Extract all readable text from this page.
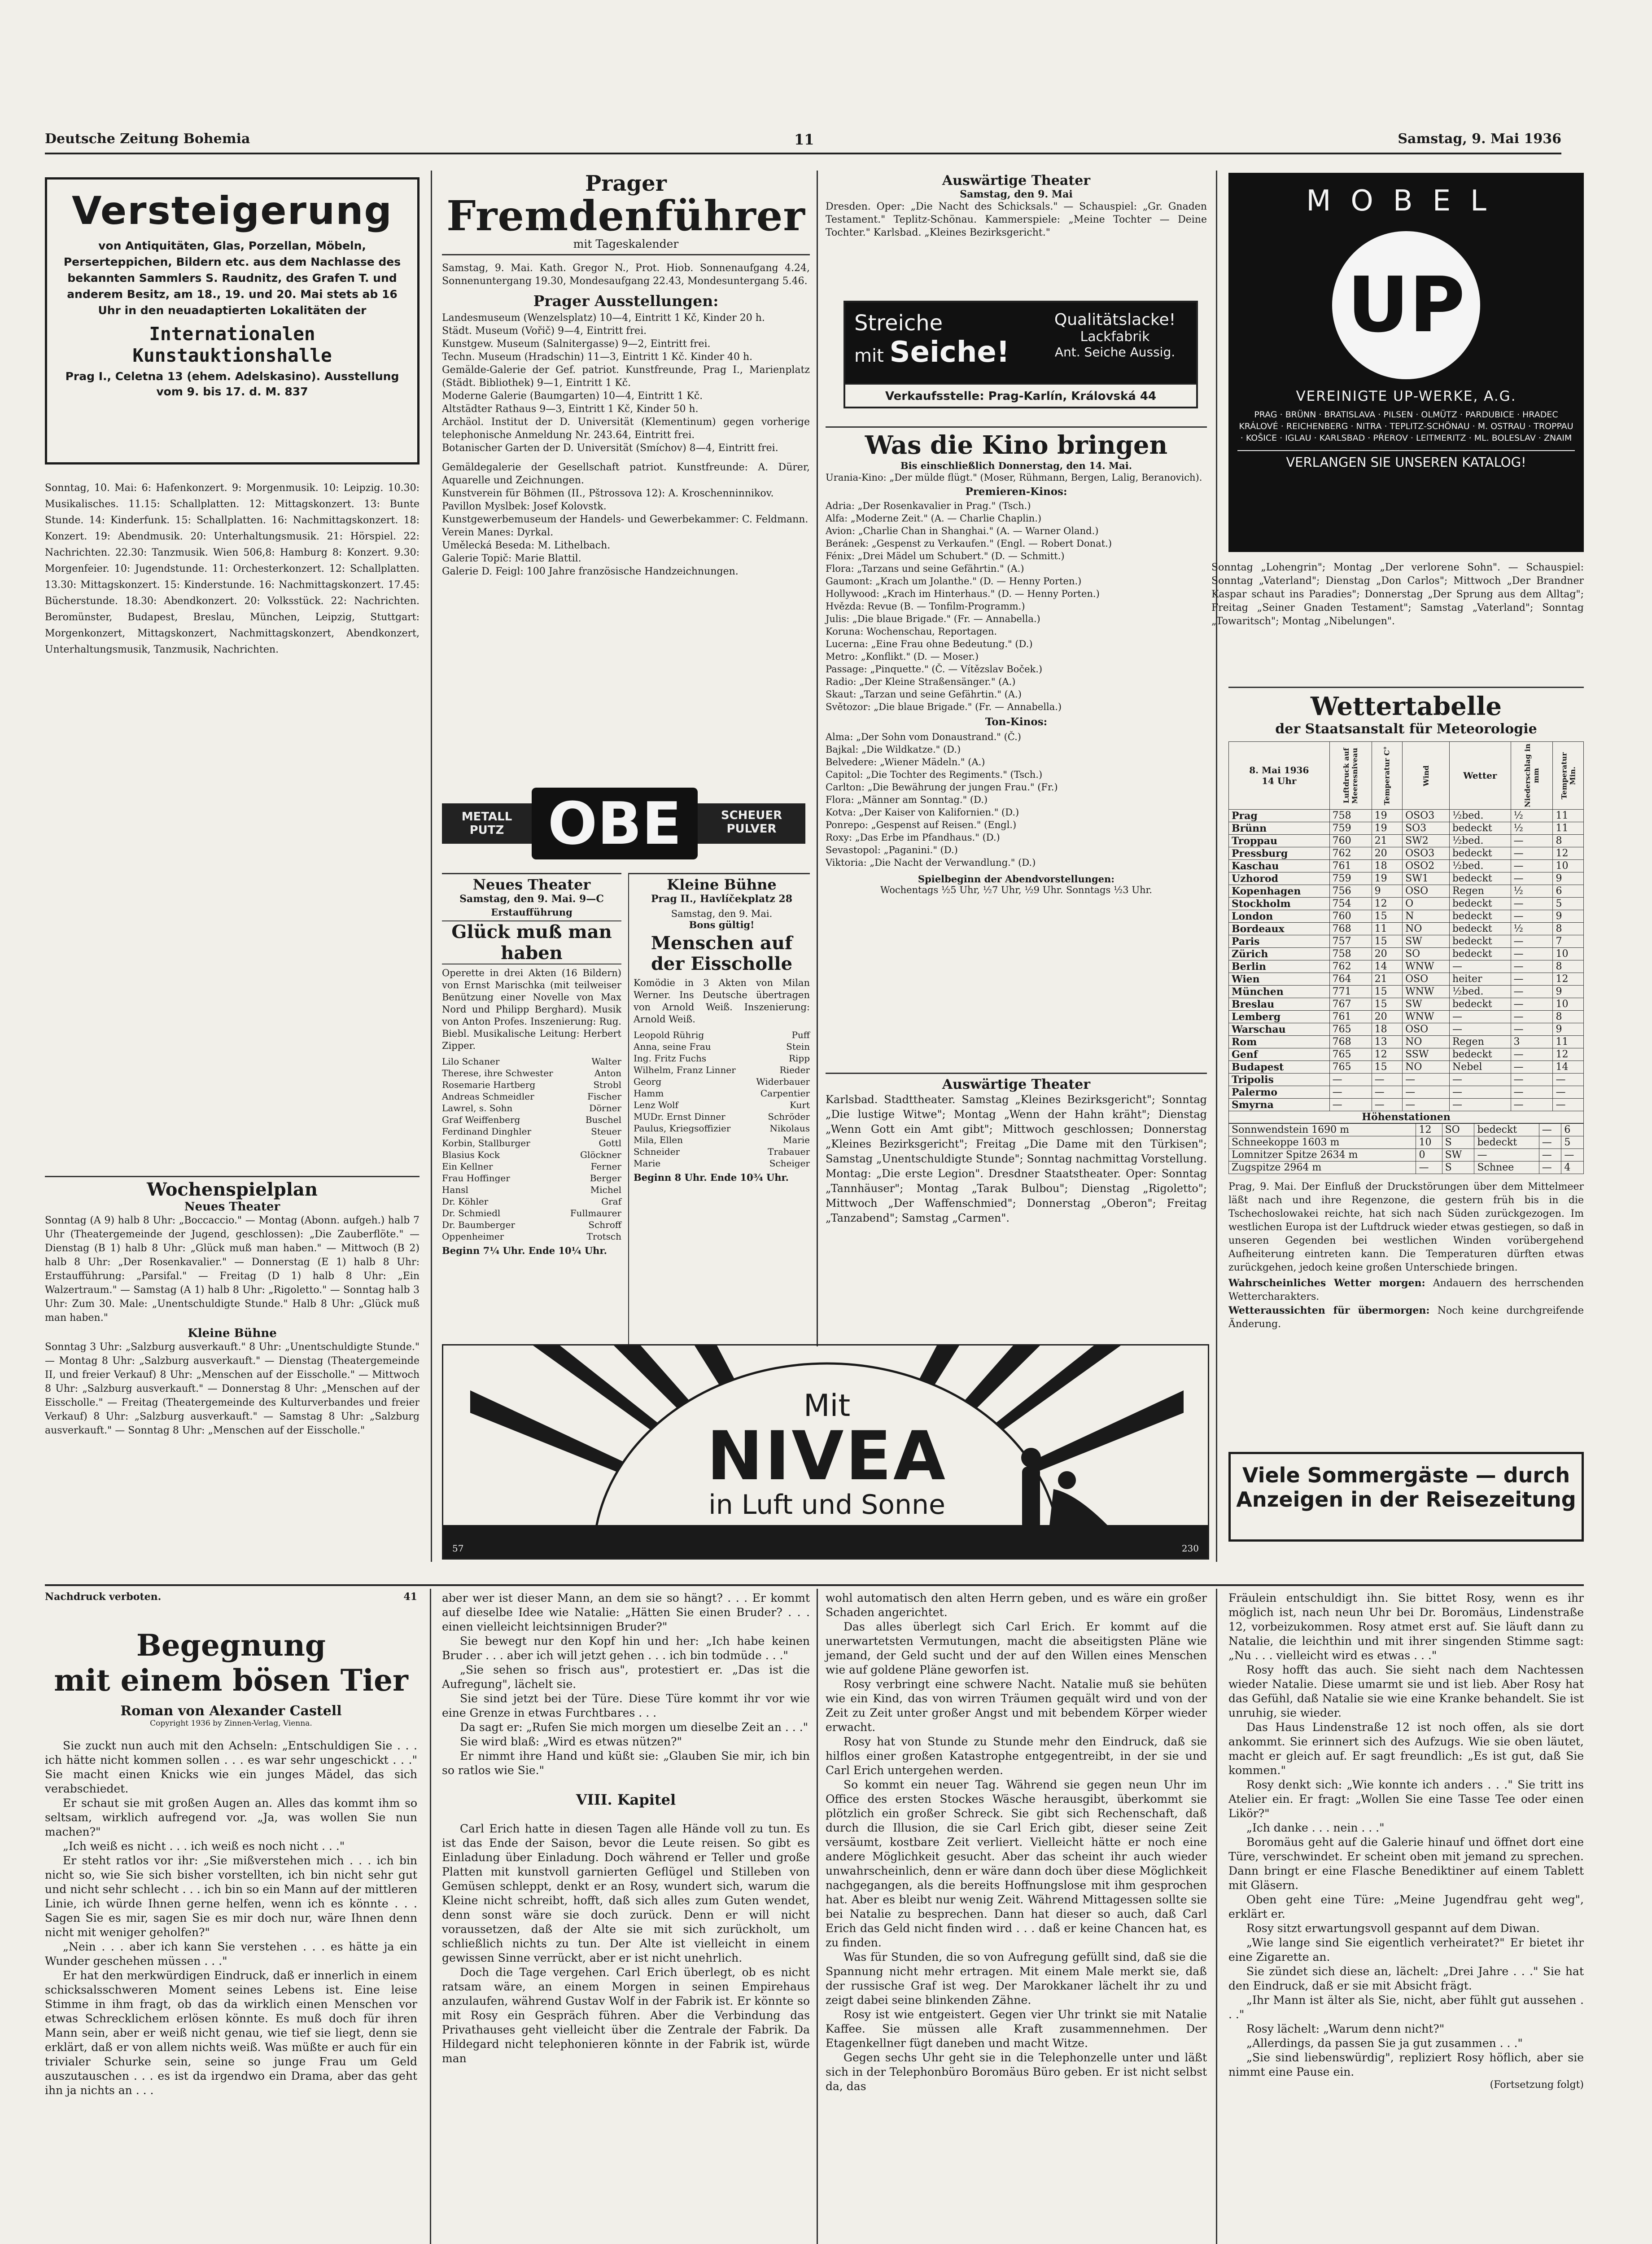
Deutsche Zeitung Bohemia	11	Samstag, 9. Mai 1936
Versteigerung
von Antiquitäten, Glas, Porzellan, Möbeln, Perserteppichen, Bildern etc. aus dem Nachlasse des bekannten Sammlers S. Raudnitz, des Grafen T. und anderem Besitz, am 18., 19. und 20. Mai stets ab 16 Uhr in den neuadaptierten Lokalitäten der
Internationalen Kunstauktionshalle
Prag I., Celetna 13 (ehem. Adelskasino). Ausstellung vom 9. bis 17. d. M. 837
Sonntag, 10. Mai: 6: Hafenkonzert. 9: Morgenmusik. 10: Leipzig. 10.30: Musikalisches. 11.15: Schallplatten. 12: Mittagskonzert. 13: Bunte Stunde. 14: Kinderfunk. 15: Schallplatten. 16: Nachmittagskonzert. 18: Konzert. 19: Abendmusik. 20: Unterhaltungsmusik. 21: Hörspiel. 22: Nachrichten. 22.30: Tanzmusik. Wien 506,8: Hamburg 8: Konzert. 9.30: Morgenfeier. 10: Jugendstunde. 11: Orchesterkonzert. 12: Schallplatten. 13.30: Mittagskonzert. 15: Kinderstunde. 16: Nachmittagskonzert. 17.45: Bücherstunde. 18.30: Abendkonzert. 20: Volksstück. 22: Nachrichten. Beromünster, Budapest, Breslau, München, Leipzig, Stuttgart: Morgenkonzert, Mittagskonzert, Nachmittagskonzert, Abendkonzert, Unterhaltungsmusik, Tanzmusik, Nachrichten.
Wochenspielplan
Neues Theater
Sonntag (A 9) halb 8 Uhr: „Boccaccio." — Montag (Abonn. aufgeh.) halb 7 Uhr (Theatergemeinde der Jugend, geschlossen): „Die Zauberflöte." — Dienstag (B 1) halb 8 Uhr: „Glück muß man haben." — Mittwoch (B 2) halb 8 Uhr: „Der Rosenkavalier." — Donnerstag (E 1) halb 8 Uhr: Erstaufführung: „Parsifal." — Freitag (D 1) halb 8 Uhr: „Ein Walzertraum." — Samstag (A 1) halb 8 Uhr: „Rigoletto." — Sonntag halb 3 Uhr: Zum 30. Male: „Unentschuldigte Stunde." Halb 8 Uhr: „Glück muß man haben."
Kleine Bühne
Sonntag 3 Uhr: „Salzburg ausverkauft." 8 Uhr: „Unentschuldigte Stunde." — Montag 8 Uhr: „Salzburg ausverkauft." — Dienstag (Theatergemeinde II, und freier Verkauf) 8 Uhr: „Menschen auf der Eisscholle." — Mittwoch 8 Uhr: „Salzburg ausverkauft." — Donnerstag 8 Uhr: „Menschen auf der Eisscholle." — Freitag (Theatergemeinde des Kulturverbandes und freier Verkauf) 8 Uhr: „Salzburg ausverkauft." — Samstag 8 Uhr: „Salzburg ausverkauft." — Sonntag 8 Uhr: „Menschen auf der Eisscholle."
Prager
Fremdenführer
mit Tageskalender
Samstag, 9. Mai. Kath. Gregor N., Prot. Hiob. Sonnenaufgang 4.24, Sonnenuntergang 19.30, Mondesaufgang 22.43, Mondesuntergang 5.46.
Prager Ausstellungen:
Landesmuseum (Wenzelsplatz) 10—4, Eintritt 1 Kč, Kinder 20 h.
Städt. Museum (Vořič) 9—4, Eintritt frei.
Kunstgew. Museum (Salnitergasse) 9—2, Eintritt frei.
Techn. Museum (Hradschin) 11—3, Eintritt 1 Kč. Kinder 40 h.
Gemälde-Galerie der Gef. patriot. Kunstfreunde, Prag I., Marienplatz (Städt. Bibliothek) 9—1, Eintritt 1 Kč.
Moderne Galerie (Baumgarten) 10—4, Eintritt 1 Kč.
Altstädter Rathaus 9—3, Eintritt 1 Kč, Kinder 50 h.
Archäol. Institut der D. Universität (Klementinum) gegen vorherige telephonische Anmeldung Nr. 243.64, Eintritt frei.
Botanischer Garten der D. Universität (Smíchov) 8—4, Eintritt frei.
Gemäldegalerie der Gesellschaft patriot. Kunstfreunde: A. Dürer, Aquarelle und Zeichnungen.
Kunstverein für Böhmen (II., Pštrossova 12): A. Kroschenninnikov.
Pavillon Myslbek: Josef Kolovstk.
Kunstgewerbemuseum der Handels- und Gewerbekammer: C. Feldmann.
Verein Manes: Dyrkal.
Umělecká Beseda: M. Lithelbach.
Galerie Topič: Marie Blattil.
Galerie D. Feigl: 100 Jahre französische Handzeichnungen.
METALL PUTZ OBE	SCHEUER PULVER
Neues Theater
Samstag, den 9. Mai. 9—C
Erstaufführung
Glück muß man haben
Operette in drei Akten (16 Bildern) von Ernst Marischka (mit teilweiser Benützung einer Novelle von Max Nord und Philipp Berghard). Musik von Anton Profes. Inszenierung: Rug. Biebl. Musikalische Leitung: Herbert Zipper.
Lilo Schaner	Walter
Therese, ihre Schwester	Anton
Rosemarie Hartberg	Strobl
Andreas Schmeidler	Fischer
Lawrel, s. Sohn	Dörner
Graf Weiffenberg	Buschel
Ferdinand Dinghler	Steuer
Korbin, Stallburger	Gottl
Blasius Kock	Glöckner
Ein Kellner	Ferner
Frau Hoffinger	Berger
Hansl	Michel
Dr. Köhler	Graf
Dr. Schmiedl	Fullmaurer
Dr. Baumberger	Schroff
Oppenheimer	Trotsch
Beginn 7¼ Uhr. Ende 10¼ Uhr.
Kleine Bühne
Prag II., Havlíčekplatz 28
Samstag, den 9. Mai.
Bons gültig!
Menschen auf der Eisscholle
Komödie in 3 Akten von Milan Werner. Ins Deutsche übertragen von Arnold Weiß. Inszenierung: Arnold Weiß.
Leopold Rührig	Puff
Anna, seine Frau	Stein
Ing. Fritz Fuchs	Ripp
Wilhelm, Franz Linner	Rieder
Georg	Widerbauer
Hamm	Carpentier
Lenz Wolf	Kurt
MUDr. Ernst Dinner	Schröder
Paulus, Kriegsoffizier	Nikolaus
Mila, Ellen	Marie
Schneider	Trabauer
Marie	Scheiger
Beginn 8 Uhr. Ende 10¾ Uhr.
Auswärtige Theater
Samstag, den 9. Mai
Dresden. Oper: „Die Nacht des Schicksals." — Schauspiel: „Gr. Gnaden Testament." Teplitz-Schönau. Kammerspiele: „Meine Tochter — Deine Tochter." Karlsbad. „Kleines Bezirksgericht."
Streiche
mit Seiche!
Qualitätslacke!
Lackfabrik
Ant. Seiche Aussig.
Verkaufsstelle: Prag-Karlín, Královská 44
Was die Kino bringen
Bis einschließlich Donnerstag, den 14. Mai.
Urania-Kino: „Der mülde flügt." (Moser, Rühmann, Bergen, Lalig, Beranovich).
Premieren-Kinos:
Adria: „Der Rosenkavalier in Prag." (Tsch.)
Alfa: „Moderne Zeit." (A. — Charlie Chaplin.)
Avion: „Charlie Chan in Shanghai." (A. — Warner Oland.)
Beránek: „Gespenst zu Verkaufen." (Engl. — Robert Donat.)
Fénix: „Drei Mädel um Schubert." (D. — Schmitt.)
Flora: „Tarzans und seine Gefährtin." (A.)
Gaumont: „Krach um Jolanthe." (D. — Henny Porten.)
Hollywood: „Krach im Hinterhaus." (D. — Henny Porten.)
Hvězda: Revue (B. — Tonfilm-Programm.)
Julis: „Die blaue Brigade." (Fr. — Annabella.)
Koruna: Wochenschau, Reportagen.
Lucerna: „Eine Frau ohne Bedeutung." (D.)
Metro: „Konflikt." (D. — Moser.)
Passage: „Pinquette." (Č. — Vítězslav Boček.)
Radio: „Der Kleine Straßensänger." (A.)
Skaut: „Tarzan und seine Gefährtin." (A.)
Světozor: „Die blaue Brigade." (Fr. — Annabella.)
Ton-Kinos:
Alma: „Der Sohn vom Donaustrand." (Č.)
Bajkal: „Die Wildkatze." (D.)
Belvedere: „Wiener Mädeln." (A.)
Capitol: „Die Tochter des Regiments." (Tsch.)
Carlton: „Die Bewährung der jungen Frau." (Fr.)
Flora: „Männer am Sonntag." (D.)
Kotva: „Der Kaiser von Kalifornien." (D.)
Ponrepo: „Gespenst auf Reisen." (Engl.)
Roxy: „Das Erbe im Pfandhaus." (D.)
Sevastopol: „Paganini." (D.)
Viktoria: „Die Nacht der Verwandlung." (D.)
Spielbeginn der Abendvorstellungen:
Wochentags ½5 Uhr, ½7 Uhr, ½9 Uhr. Sonntags ½3 Uhr.
Auswärtige Theater
Karlsbad. Stadttheater. Samstag „Kleines Bezirksgericht"; Sonntag „Die lustige Witwe"; Montag „Wenn der Hahn kräht"; Dienstag „Wenn Gott ein Amt gibt"; Mittwoch geschlossen; Donnerstag „Kleines Bezirksgericht"; Freitag „Die Dame mit den Türkisen"; Samstag „Unentschuldigte Stunde"; Sonntag nachmittag Vorstellung. Montag: „Die erste Legion". Dresdner Staatstheater. Oper: Sonntag „Tannhäuser"; Montag „Tarak Bulbou"; Dienstag „Rigoletto"; Mittwoch „Der Waffenschmied"; Donnerstag „Oberon"; Freitag „Tanzabend"; Samstag „Carmen".
MOBEL
UP
VEREINIGTE UP-WERKE, A.G.
PRAG · BRÜNN · BRATISLAVA · PILSEN · OLMÜTZ · PARDUBICE · HRADEC KRÁLOVÉ · REICHENBERG · NITRA · TEPLITZ-SCHÖNAU · M. OSTRAU · TROPPAU · KOŠICE · IGLAU · KARLSBAD · PŘEROV · LEITMERITZ · ML. BOLESLAV · ZNAIM
VERLANGEN SIE UNSEREN KATALOG!
Sonntag „Lohengrin"; Montag „Der verlorene Sohn". — Schauspiel: Sonntag „Vaterland"; Dienstag „Don Carlos"; Mittwoch „Der Brandner Kaspar schaut ins Paradies"; Donnerstag „Der Sprung aus dem Alltag"; Freitag „Seiner Gnaden Testament"; Samstag „Vaterland"; Sonntag „Towaritsch"; Montag „Nibelungen".
Wettertabelle
der Staatsanstalt für Meteorologie
8. Mai 1936
14 Uhr	Luftdruck auf Meeresniveau	Temperatur C°	Wind	Wetter	Niederschlag in mm	Temperatur Min.
Prag	758	19	OSO3	½bed.	½	11
Brünn	759	19	SO3	bedeckt	½	11
Troppau	760	21	SW2	½bed.	—	8
Pressburg	762	20	OSO3	bedeckt	—	12
Kaschau	761	18	OSO2	½bed.	—	10
Uzhorod	759	19	SW1	bedeckt	—	9
Kopenhagen	756	9	OSO	Regen	½	6
Stockholm	754	12	O	bedeckt	—	5
London	760	15	N	bedeckt	—	9
Bordeaux	768	11	NO	bedeckt	½	8
Paris	757	15	SW	bedeckt	—	7
Zürich	758	20	SO	bedeckt	—	10
Berlin	762	14	WNW	—	—	8
Wien	764	21	OSO	heiter	—	12
München	771	15	WNW	½bed.	—	9
Breslau	767	15	SW	bedeckt	—	10
Lemberg	761	20	WNW	—	—	8
Warschau	765	18	OSO	—	—	9
Rom	768	13	NO	Regen	3	11
Genf	765	12	SSW	bedeckt	—	12
Budapest	765	15	NO	Nebel	—	14
Tripolis	—	—	—	—	—	—
Palermo	—	—	—	—	—	—
Smyrna	—	—	—	—	—	—
Höhenstationen
Sonnwendstein 1690 m	12	SO	bedeckt	—	6
Schneekoppe 1603 m	10	S	bedeckt	—	5
Lomnitzer Spitze 2634 m	0	SW	—	—	—
Zugspitze 2964 m	—	S	Schnee	—	4
Prag, 9. Mai. Der Einfluß der Druckstörungen über dem Mittelmeer läßt nach und ihre Regenzone, die gestern früh bis in die Tschechoslowakei reichte, hat sich nach Süden zurückgezogen. Im westlichen Europa ist der Luftdruck wieder etwas gestiegen, so daß in unseren Gegenden bei westlichen Winden vorübergehend Aufheiterung eintreten kann. Die Temperaturen dürften etwas zurückgehen, jedoch keine großen Unterschiede bringen.
Wahrscheinliches Wetter morgen: Andauern des herrschenden Wettercharakters.
Wetteraussichten für übermorgen: Noch keine durchgreifende Änderung.
Viele Sommergäste — durch
Anzeigen in der Reisezeitung
Mit
NIVEA
in Luft und Sonne
57	230
Nachdruck verboten.	41
Begegnung
mit einem bösen Tier
Roman von Alexander Castell
Copyright 1936 by Zinnen-Verlag, Vienna.

Sie zuckt nun auch mit den Achseln: „Entschuldigen Sie . . . ich hätte nicht kommen sollen . . . es war sehr ungeschickt . . ." Sie macht einen Knicks wie ein junges Mädel, das sich verabschiedet.

Er schaut sie mit großen Augen an. Alles das kommt ihm so seltsam, wirklich aufregend vor. „Ja, was wollen Sie nun machen?"

„Ich weiß es nicht . . . ich weiß es noch nicht . . ."

Er steht ratlos vor ihr: „Sie mißverstehen mich . . . ich bin nicht so, wie Sie sich bisher vorstellten, ich bin nicht sehr gut und nicht sehr schlecht . . . ich bin so ein Mann auf der mittleren Linie, ich würde Ihnen gerne helfen, wenn ich es könnte . . . Sagen Sie es mir, sagen Sie es mir doch nur, wäre Ihnen denn nicht mit weniger geholfen?"

„Nein . . . aber ich kann Sie verstehen . . . es hätte ja ein Wunder geschehen müssen . . ."

Er hat den merkwürdigen Eindruck, daß er innerlich in einem schicksalsschweren Moment seines Lebens ist. Eine leise Stimme in ihm fragt, ob das da wirklich einen Menschen vor etwas Schrecklichem erlösen könnte. Es muß doch für ihren Mann sein, aber er weiß nicht genau, wie tief sie liegt, denn sie erklärt, daß er von allem nichts weiß. Was müßte er auch für ein trivialer Schurke sein, seine so junge Frau um Geld auszutauschen . . . es ist da irgendwo ein Drama, aber das geht ihn ja nichts an . . .

aber wer ist dieser Mann, an dem sie so hängt? . . . Er kommt auf dieselbe Idee wie Natalie: „Hätten Sie einen Bruder? . . . einen vielleicht leichtsinnigen Bruder?"

Sie bewegt nur den Kopf hin und her: „Ich habe keinen Bruder . . . aber ich will jetzt gehen . . . ich bin todmüde . . ."

„Sie sehen so frisch aus", protestiert er. „Das ist die Aufregung", lächelt sie.

Sie sind jetzt bei der Türe. Diese Türe kommt ihr vor wie eine Grenze in etwas Furchtbares . . .

Da sagt er: „Rufen Sie mich morgen um dieselbe Zeit an . . ."

Sie wird blaß: „Wird es etwas nützen?"

Er nimmt ihre Hand und küßt sie: „Glauben Sie mir, ich bin so ratlos wie Sie."

VIII. Kapitel

Carl Erich hatte in diesen Tagen alle Hände voll zu tun. Es ist das Ende der Saison, bevor die Leute reisen. So gibt es Einladung über Einladung. Doch während er Teller und große Platten mit kunstvoll garnierten Geflügel und Stilleben von Gemüsen schleppt, denkt er an Rosy, wundert sich, warum die Kleine nicht schreibt, hofft, daß sich alles zum Guten wendet, denn sonst wäre sie doch zurück. Denn er will nicht voraussetzen, daß der Alte sie mit sich zurückholt, um schließlich nichts zu tun. Der Alte ist vielleicht in einem gewissen Sinne verrückt, aber er ist nicht unehrlich.

Doch die Tage vergehen. Carl Erich überlegt, ob es nicht ratsam wäre, an einem Morgen in seinen Empirehaus anzulaufen, während Gustav Wolf in der Fabrik ist. Er könnte so mit Rosy ein Gespräch führen. Aber die Verbindung das Privathauses geht vielleicht über die Zentrale der Fabrik. Da Hildegard nicht telephonieren könnte in der Fabrik ist, würde man

wohl automatisch den alten Herrn geben, und es wäre ein großer Schaden angerichtet.

Das alles überlegt sich Carl Erich. Er kommt auf die unerwartetsten Vermutungen, macht die abseitigsten Pläne wie jemand, der Geld sucht und der auf den Willen eines Menschen wie auf goldene Pläne geworfen ist.

Rosy verbringt eine schwere Nacht. Natalie muß sie behüten wie ein Kind, das von wirren Träumen gequält wird und von der Zeit zu Zeit unter großer Angst und mit bebendem Körper wieder erwacht.

Rosy hat von Stunde zu Stunde mehr den Eindruck, daß sie hilflos einer großen Katastrophe entgegentreibt, in der sie und Carl Erich untergehen werden.

So kommt ein neuer Tag. Während sie gegen neun Uhr im Office des ersten Stockes Wäsche herausgibt, überkommt sie plötzlich ein großer Schreck. Sie gibt sich Rechenschaft, daß durch die Illusion, die sie Carl Erich gibt, dieser seine Zeit versäumt, kostbare Zeit verliert. Vielleicht hätte er noch eine andere Möglichkeit gesucht. Aber das scheint ihr auch wieder unwahrscheinlich, denn er wäre dann doch über diese Möglichkeit nachgegangen, als die bereits Hoffnungslose mit ihm gesprochen hat. Aber es bleibt nur wenig Zeit. Während Mittagessen sollte sie bei Natalie zu besprechen. Dann hat dieser so auch, daß Carl Erich das Geld nicht finden wird . . . daß er keine Chancen hat, es zu finden.

Was für Stunden, die so von Aufregung gefüllt sind, daß sie die Spannung nicht mehr ertragen. Mit einem Male merkt sie, daß der russische Graf ist weg. Der Marokkaner lächelt ihr zu und zeigt dabei seine blinkenden Zähne.

Rosy ist wie entgeistert. Gegen vier Uhr trinkt sie mit Natalie Kaffee. Sie müssen alle Kraft zusammennehmen. Der Etagenkellner fügt daneben und macht Witze.

Gegen sechs Uhr geht sie in die Telephonzelle unter und läßt sich in der Telephonbüro Boromäus Büro geben. Er ist nicht selbst da, das

Fräulein entschuldigt ihn. Sie bittet Rosy, wenn es ihr möglich ist, nach neun Uhr bei Dr. Boromäus, Lindenstraße 12, vorbeizukommen. Rosy atmet erst auf. Sie läuft dann zu Natalie, die leichthin und mit ihrer singenden Stimme sagt: „Nu . . . vielleicht wird es etwas . . ."

Rosy hofft das auch. Sie sieht nach dem Nachtessen wieder Natalie. Diese umarmt sie und ist lieb. Aber Rosy hat das Gefühl, daß Natalie sie wie eine Kranke behandelt. Sie ist unruhig, sie wieder.

Das Haus Lindenstraße 12 ist noch offen, als sie dort ankommt. Sie erinnert sich des Aufzugs. Wie sie oben läutet, macht er gleich auf. Er sagt freundlich: „Es ist gut, daß Sie kommen."

Rosy denkt sich: „Wie konnte ich anders . . ." Sie tritt ins Atelier ein. Er fragt: „Wollen Sie eine Tasse Tee oder einen Likör?"

„Ich danke . . . nein . . ."

Boromäus geht auf die Galerie hinauf und öffnet dort eine Türe, verschwindet. Er scheint oben mit jemand zu sprechen. Dann bringt er eine Flasche Benediktiner auf einem Tablett mit Gläsern.

Oben geht eine Türe: „Meine Jugendfrau geht weg", erklärt er.

Rosy sitzt erwartungsvoll gespannt auf dem Diwan.

„Wie lange sind Sie eigentlich verheiratet?" Er bietet ihr eine Zigarette an.

Sie zündet sich diese an, lächelt: „Drei Jahre . . ." Sie hat den Eindruck, daß er sie mit Absicht frägt.

„Ihr Mann ist älter als Sie, nicht, aber fühlt gut aussehen . . ."

Rosy lächelt: „Warum denn nicht?"

„Allerdings, da passen Sie ja gut zusammen . . ."

„Sie sind liebenswürdig", repliziert Rosy höflich, aber sie nimmt eine Pause ein.

(Fortsetzung folgt)
